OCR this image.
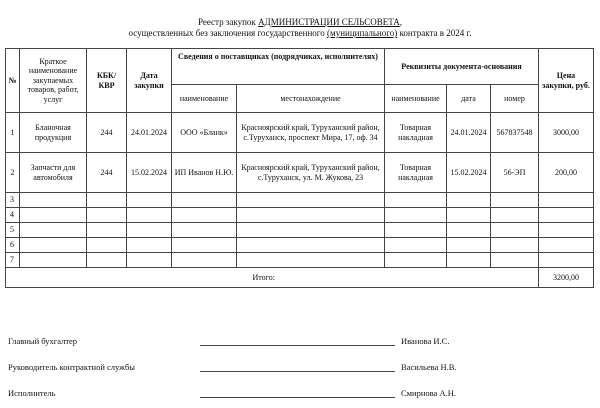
Реестр закупок АДМИНИСТРАЦИИ СЕЛЬСОВЕТА,
осуществленных без заключения государственного (муниципального) контракта в 2024 г.
№	Краткое наименование закупаемых товаров, работ, услуг	КБК/КВР	Дата закупки	Сведения о поставщиках (подрядчиках, исполнителях)		Реквизиты документа-основания			Цена закупки, руб.
				наименование	местонахождение	наименование	дата	номер	
1	Бланочная продукция	244	24.01.2024	ООО «Бланк»	Красноярский край, Туруханский район, с.Туруханск, проспект Мира, 17, оф. 34	Товарная накладная	24.01.2024	567837548	3000,00
2	Запчасти для автомобиля	244	15.02.2024	ИП Иванов Н.Ю.	Красноярский край, Туруханский район, с.Туруханск, ул. М. Жукова, 23	Товарная накладная	15.02.2024	56-ЭП	200,00
3									
4									
5									
6									
7									
Итого:									3200,00
Главный бухгалтер	Иванова И.С.
Руководитель контрактной службы	Васильева Н.В.
Исполнитель	Смирнова А.Н.
